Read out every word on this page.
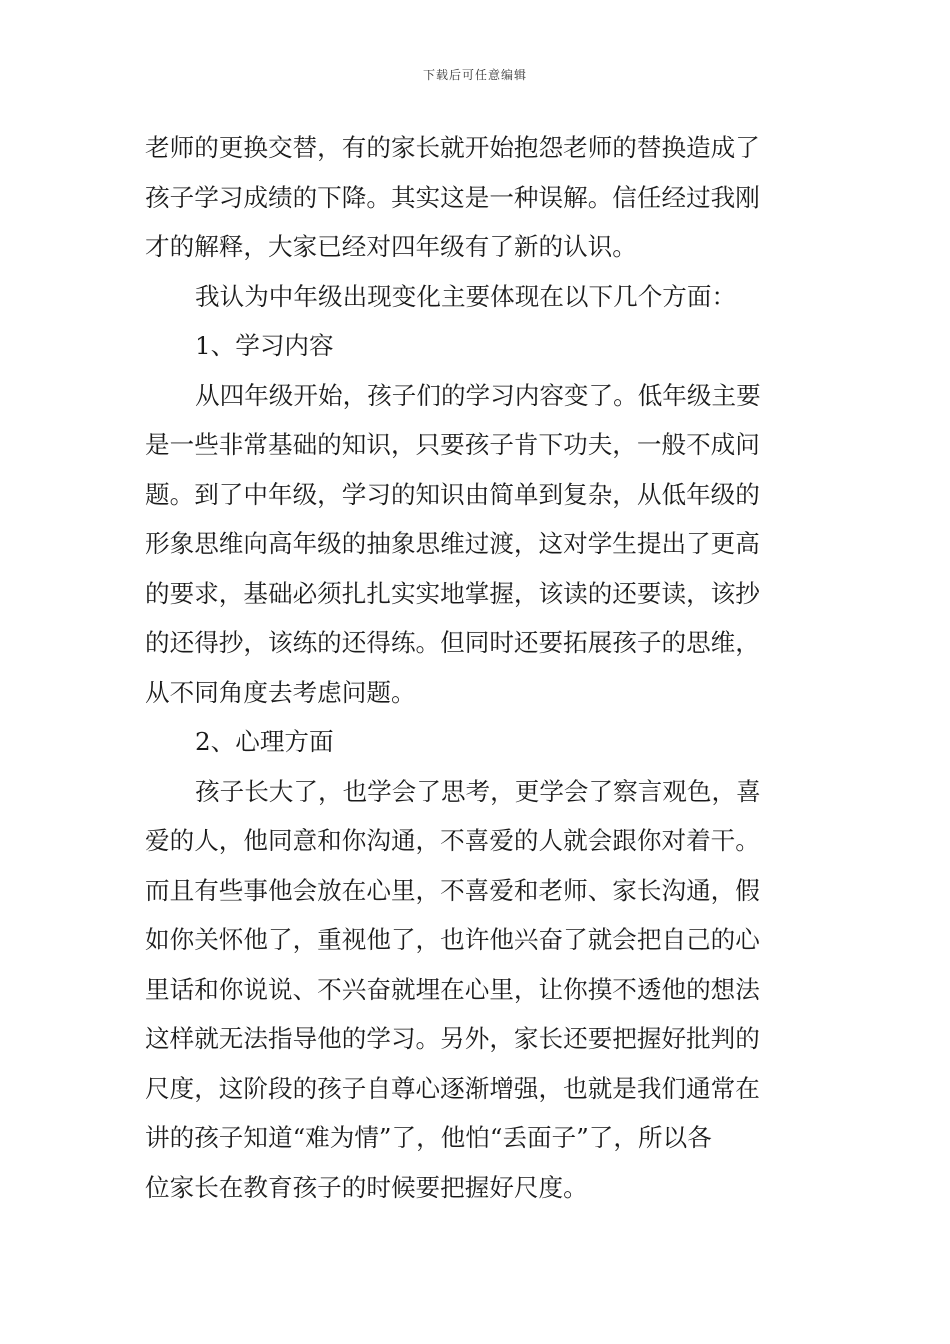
下载后可任意编辑
老师的更换交替，有的家长就开始抱怨老师的替换造成了
孩子学习成绩的下降。其实这是一种误解。信任经过我刚
才的解释，大家已经对四年级有了新的认识。
我认为中年级出现变化主要体现在以下几个方面：
1、学习内容
从四年级开始，孩子们的学习内容变了。低年级主要
是一些非常基础的知识，只要孩子肯下功夫，一般不成问
题。到了中年级，学习的知识由简单到复杂，从低年级的
形象思维向高年级的抽象思维过渡，这对学生提出了更高
的要求，基础必须扎扎实实地掌握，该读的还要读，该抄
的还得抄，该练的还得练。但同时还要拓展孩子的思维，
从不同角度去考虑问题。
2、心理方面
孩子长大了，也学会了思考，更学会了察言观色，喜
爱的人，他同意和你沟通，不喜爱的人就会跟你对着干。
而且有些事他会放在心里，不喜爱和老师、家长沟通，假
如你关怀他了，重视他了，也许他兴奋了就会把自己的心
里话和你说说、不兴奋就埋在心里，让你摸不透他的想法
这样就无法指导他的学习。另外，家长还要把握好批判的
尺度，这阶段的孩子自尊心逐渐增强，也就是我们通常在
讲的孩子知道“难为情”了，他怕“丢面子”了，所以各
位家长在教育孩子的时候要把握好尺度。
